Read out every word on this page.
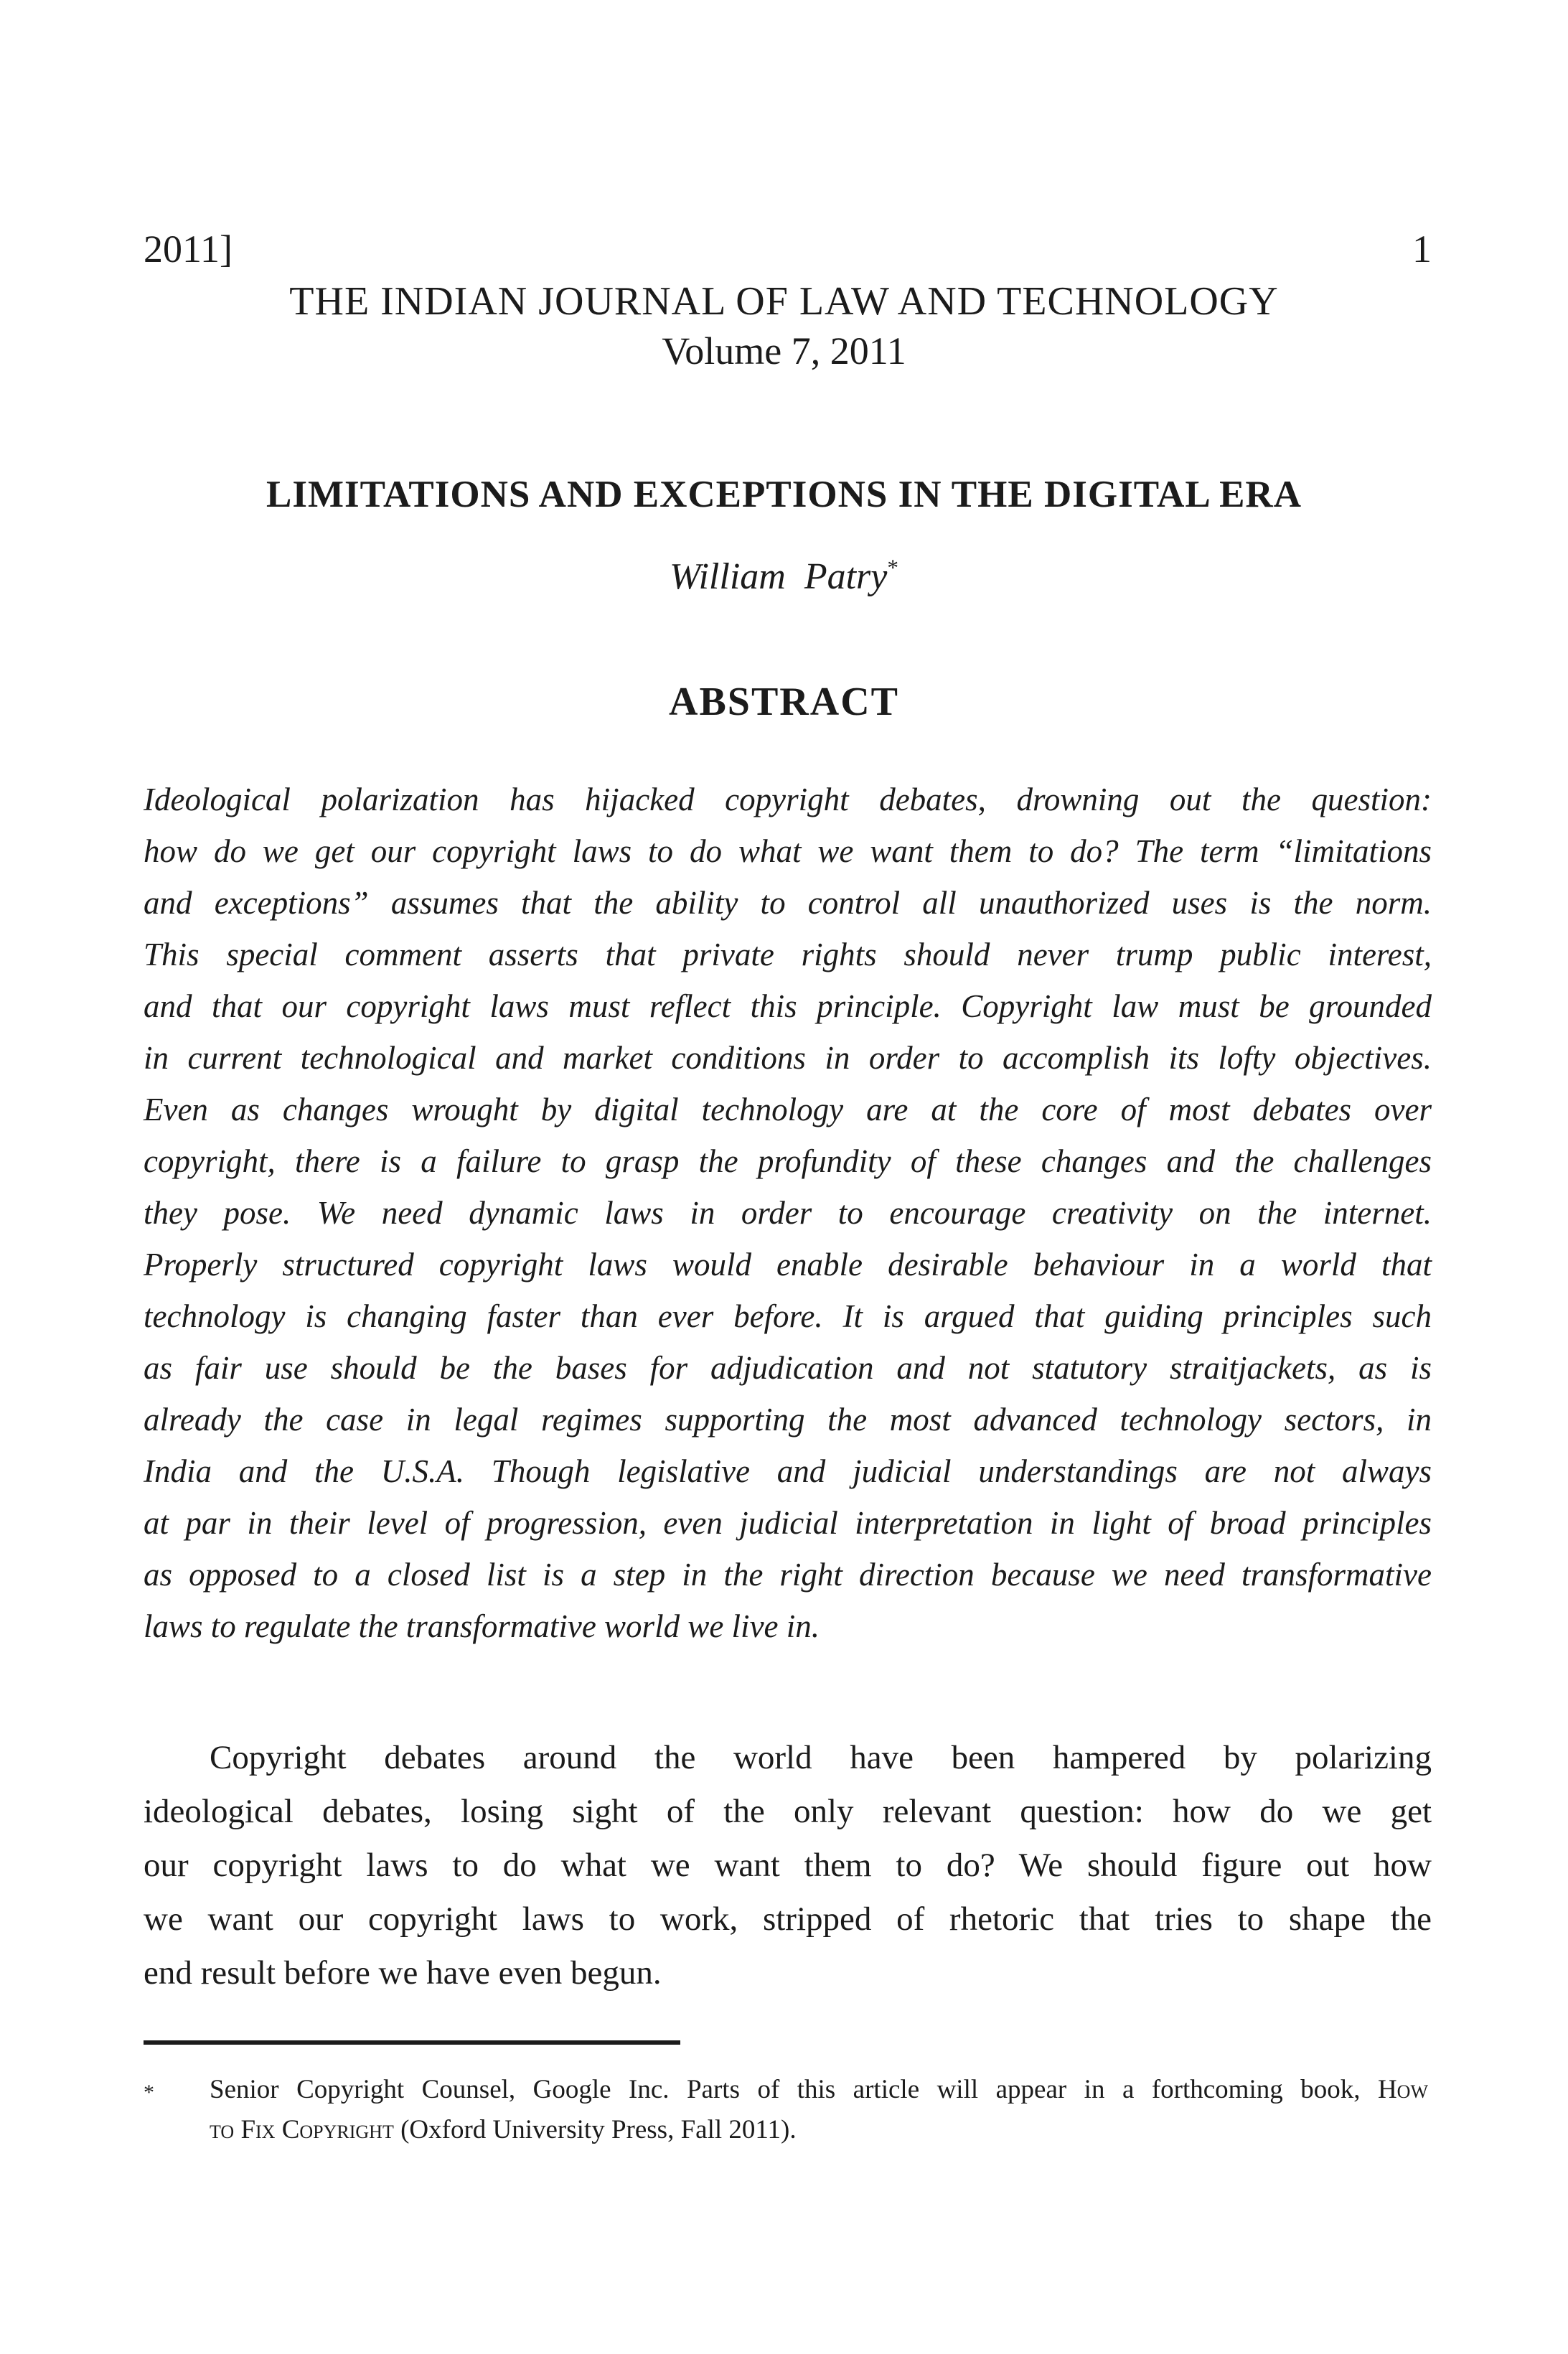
2011]	1
THE INDIAN JOURNAL OF LAW AND TECHNOLOGY
Volume 7, 2011
LIMITATIONS AND EXCEPTIONS IN THE DIGITAL ERA
William Patry*
ABSTRACT
Ideological polarization has hijacked copyright debates, drowning out the question:
how do we get our copyright laws to do what we want them to do? The term “limitations
and exceptions” assumes that the ability to control all unauthorized uses is the norm.
This special comment asserts that private rights should never trump public interest,
and that our copyright laws must reflect this principle. Copyright law must be grounded
in current technological and market conditions in order to accomplish its lofty objectives.
Even as changes wrought by digital technology are at the core of most debates over
copyright, there is a failure to grasp the profundity of these changes and the challenges
they pose. We need dynamic laws in order to encourage creativity on the internet.
Properly structured copyright laws would enable desirable behaviour in a world that
technology is changing faster than ever before. It is argued that guiding principles such
as fair use should be the bases for adjudication and not statutory straitjackets, as is
already the case in legal regimes supporting the most advanced technology sectors, in
India and the U.S.A. Though legislative and judicial understandings are not always
at par in their level of progression, even judicial interpretation in light of broad principles
as opposed to a closed list is a step in the right direction because we need transformative
laws to regulate the transformative world we live in.
Copyright debates around the world have been hampered by polarizing
ideological debates, losing sight of the only relevant question: how do we get
our copyright laws to do what we want them to do? We should figure out how
we want our copyright laws to work, stripped of rhetoric that tries to shape the
end result before we have even begun.
*	Senior Copyright Counsel, Google Inc. Parts of this article will appear in a forthcoming book, How
to Fix Copyright (Oxford University Press, Fall 2011).
